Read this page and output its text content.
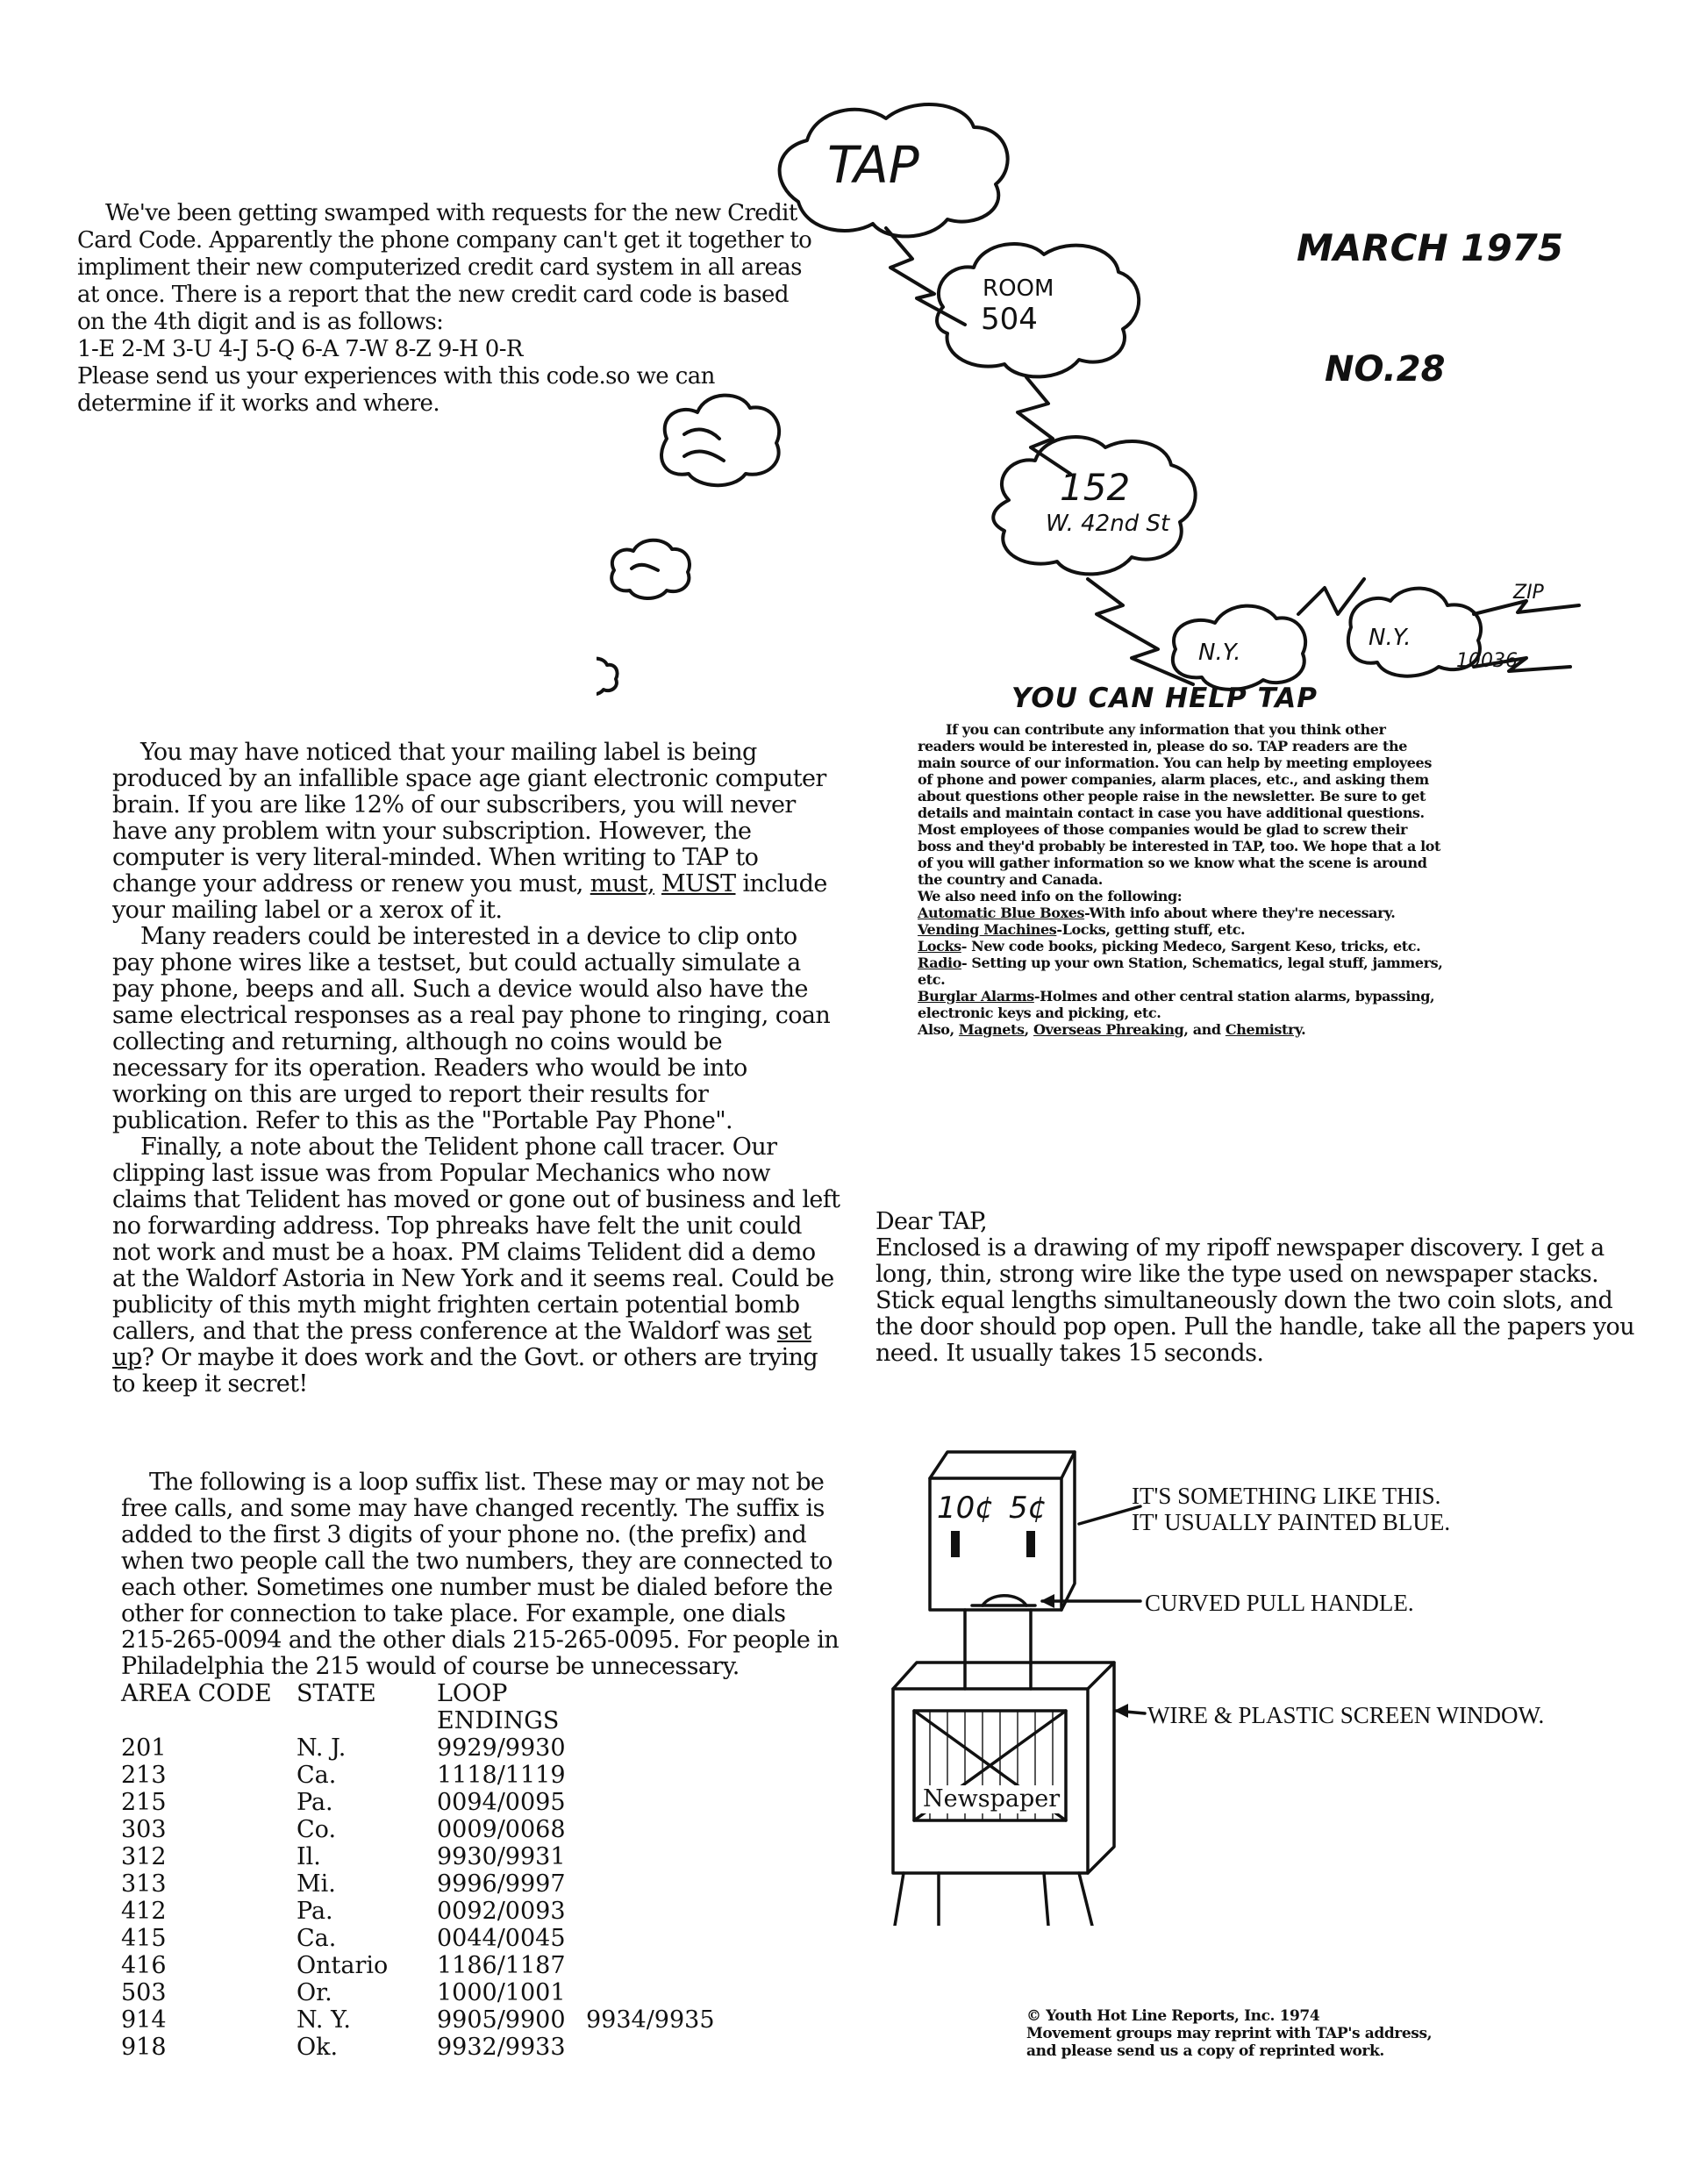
TAP
ROOM
504
152
W. 42nd St
N.Y.
N.Y.
ZIP
10036
MARCH 1975
NO.28

We've been getting swamped with requests for the new Credit Card Code. Apparently the phone company can't get it together to impliment their new computerized credit card system in all areas at once. There is a report that the new credit card code is based on the 4th digit and is as follows:

1-E 2-M 3-U 4-J 5-Q 6-A 7-W 8-Z 9-H 0-R

Please send us your experiences with this code.so we can determine if it works and where.

You may have noticed that your mailing label is being produced by an infallible space age giant electronic computer brain. If you are like 12% of our subscribers, you will never have any problem witn your subscription. However, the computer is very literal-minded. When writing to TAP to change your address or renew you must, must, MUST include your mailing label or a xerox of it.

Many readers could be interested in a device to clip onto pay phone wires like a testset, but could actually simulate a pay phone, beeps and all. Such a device would also have the same electrical responses as a real pay phone to ringing, coan collecting and returning, although no coins would be necessary for its operation. Readers who would be into working on this are urged to report their results for publication. Refer to this as the "Portable Pay Phone".

Finally, a note about the Telident phone call tracer. Our clipping last issue was from Popular Mechanics who now claims that Telident has moved or gone out of business and left no forwarding address. Top phreaks have felt the unit could not work and must be a hoax. PM claims Telident did a demo at the Waldorf Astoria in New York and it seems real. Could be publicity of this myth might frighten certain potential bomb callers, and that the press conference at the Waldorf was set up? Or maybe it does work and the Govt. or others are trying to keep it secret!

YOU CAN HELP TAP

If you can contribute any information that you think other readers would be interested in, please do so. TAP readers are the main source of our information. You can help by meeting employees of phone and power companies, alarm places, etc., and asking them about questions other people raise in the newsletter. Be sure to get details and maintain contact in case you have additional questions. Most employees of those companies would be glad to screw their boss and they'd probably be interested in TAP, too. We hope that a lot of you will gather information so we know what the scene is around the country and Canada.

We also need info on the following:

Automatic Blue Boxes-With info about where they're necessary.
Vending Machines-Locks, getting stuff, etc.
Locks- New code books, picking Medeco, Sargent Keso, tricks, etc.
Radio- Setting up your own Station, Schematics, legal stuff, jammers, etc.
Burglar Alarms-Holmes and other central station alarms, bypassing, electronic keys and picking, etc.
Also, Magnets, Overseas Phreaking, and Chemistry.

Dear TAP,

Enclosed is a drawing of my ripoff newspaper discovery. I get a long, thin, strong wire like the type used on newspaper stacks. Stick equal lengths simultaneously down the two coin slots, and the door should pop open. Pull the handle, take all the papers you need. It usually takes 15 seconds.

The following is a loop suffix list. These may or may not be free calls, and some may have changed recently. The suffix is added to the first 3 digits of your phone no. (the prefix) and when two people call the two numbers, they are connected to each other. Sometimes one number must be dialed before the other for connection to take place. For example, one dials 215-265-0094 and the other dials 215-265-0095. For people in Philadelphia the 215 would of course be unnecessary.

AREA CODE	STATE	LOOP ENDINGS
201	N. J.	9929/9930
213	Ca.	1118/1119
215	Pa.	0094/0095
303	Co.	0009/0068
312	Il.	9930/9931
313	Mi.	9996/9997
412	Pa.	0092/0093
415	Ca.	0044/0045
416	Ontario	1186/1187
503	Or.	1000/1001
914	N. Y.	9905/9900 9934/9935
918	Ok.	9932/9933
10¢ 5¢
Newspaper
IT'S SOMETHING LIKE THIS.
IT' USUALLY PAINTED BLUE.
CURVED PULL HANDLE.
WIRE & PLASTIC SCREEN WINDOW.
© Youth Hot Line Reports, Inc. 1974
Movement groups may reprint with TAP's address,
and please send us a copy of reprinted work.
